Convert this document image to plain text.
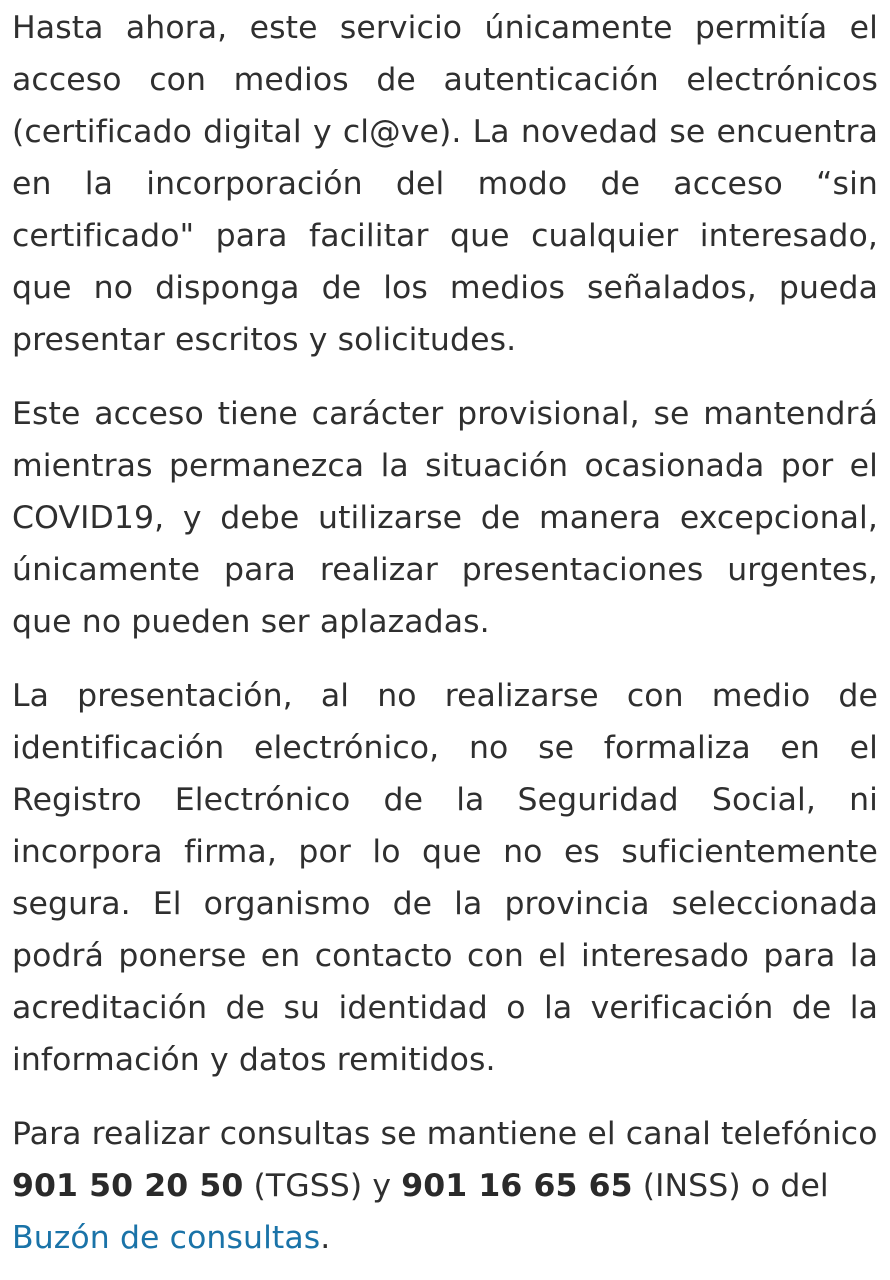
Hasta ahora, este servicio únicamente permitía el acceso con medios de autenticación electrónicos (certificado digital y cl@ve). La novedad se encuentra en la incorporación del modo de acceso “sin certificado" para facilitar que cualquier interesado, que no disponga de los medios señalados, pueda presentar escritos y solicitudes.

Este acceso tiene carácter provisional, se mantendrá mientras permanezca la situación ocasionada por el COVID19, y debe utilizarse de manera excepcional, únicamente para realizar presentaciones urgentes, que no pueden ser aplazadas.

La presentación, al no realizarse con medio de identificación electrónico, no se formaliza en el Registro Electrónico de la Seguridad Social, ni incorpora firma, por lo que no es suficientemente segura. El organismo de la provincia seleccionada podrá ponerse en contacto con el interesado para la acreditación de su identidad o la verificación de la información y datos remitidos.

Para realizar consultas se mantiene el canal telefónico 901 50 20 50 (TGSS) y 901 16 65 65 (INSS) o del Buzón de consultas.
